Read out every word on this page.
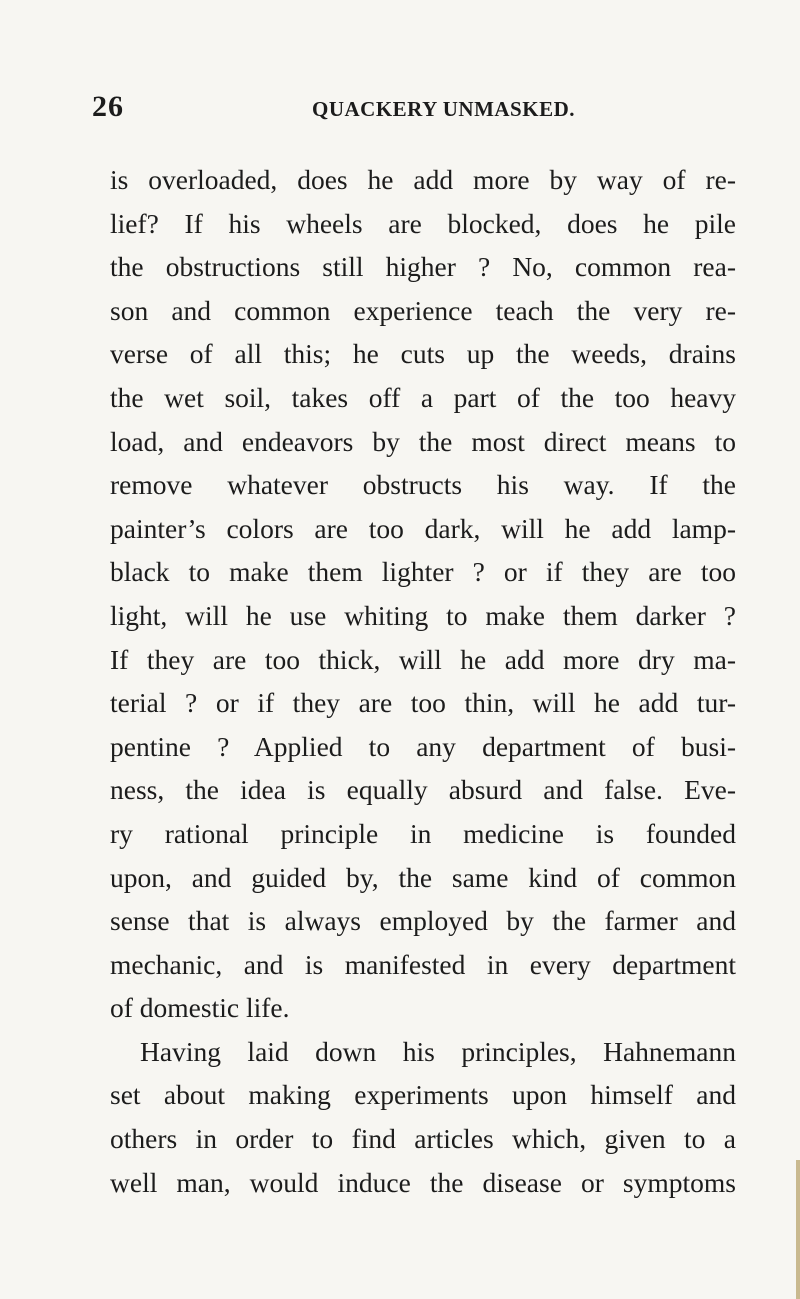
26	QUACKERY UNMASKED.
is overloaded, does he add more by way of re-
lief? If his wheels are blocked, does he pile
the obstructions still higher ? No, common rea-
son and common experience teach the very re-
verse of all this; he cuts up the weeds, drains
the wet soil, takes off a part of the too heavy
load, and endeavors by the most direct means to
remove whatever obstructs his way. If the
painter’s colors are too dark, will he add lamp-
black to make them lighter ? or if they are too
light, will he use whiting to make them darker ?
If they are too thick, will he add more dry ma-
terial ? or if they are too thin, will he add tur-
pentine ? Applied to any department of busi-
ness, the idea is equally absurd and false. Eve-
ry rational principle in medicine is founded
upon, and guided by, the same kind of common
sense that is always employed by the farmer and
mechanic, and is manifested in every department
of domestic life.
Having laid down his principles, Hahnemann
set about making experiments upon himself and
others in order to find articles which, given to a
well man, would induce the disease or symptoms
